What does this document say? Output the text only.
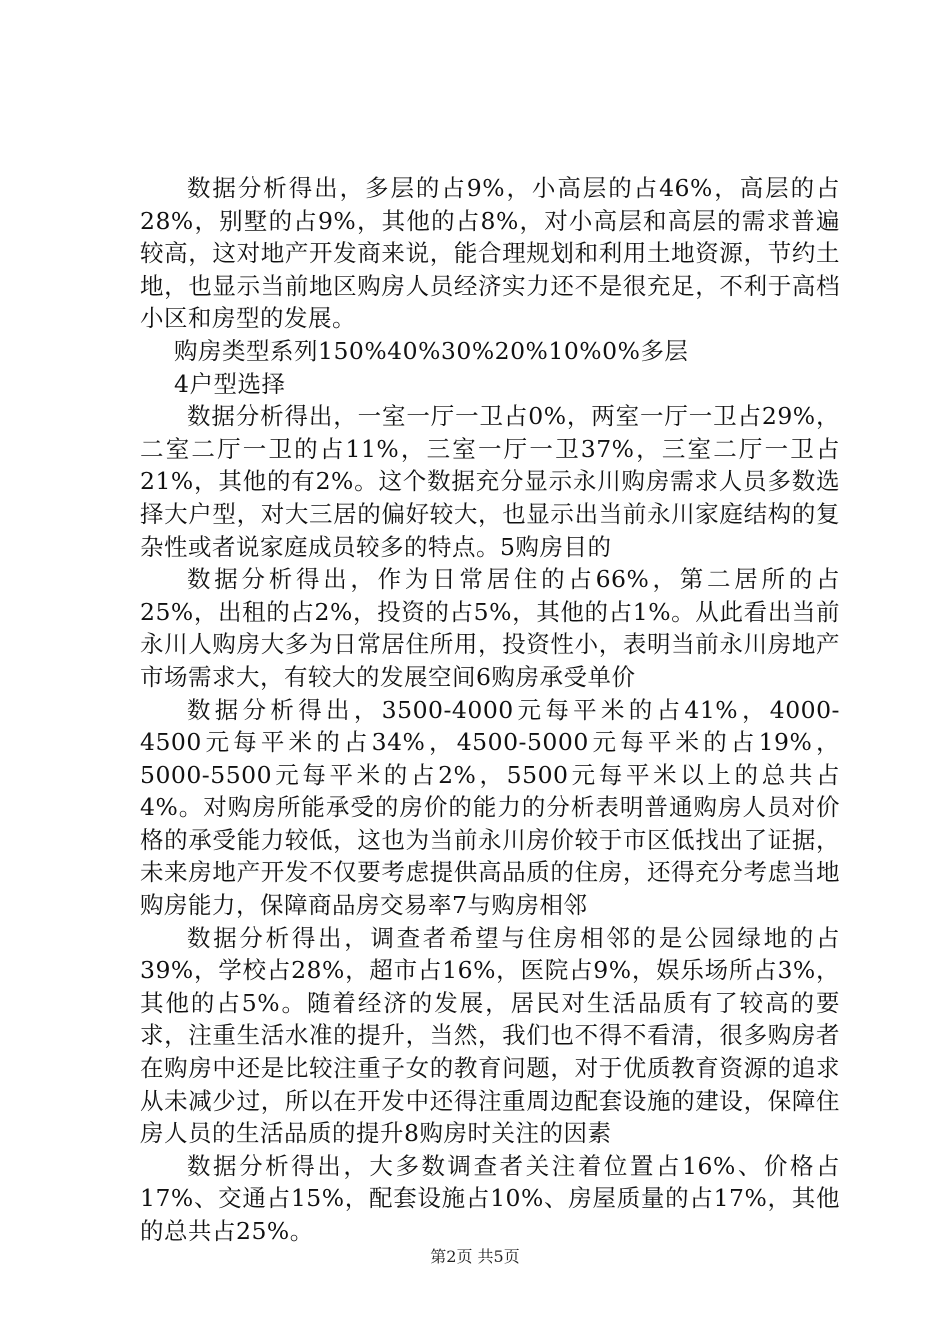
数据分析得出，多层的占9%，小高层的占46%，高层的占28%，别墅的占9%，其他的占8%，对小高层和高层的需求普遍较高，这对地产开发商来说，能合理规划和利用土地资源，节约土地，也显示当前地区购房人员经济实力还不是很充足，不利于高档小区和房型的发展。

购房类型系列150%40%30%20%10%0%多层

4户型选择

数据分析得出，一室一厅一卫占0%，两室一厅一卫占29%，二室二厅一卫的占11%，三室一厅一卫37%，三室二厅一卫占21%，其他的有2%。这个数据充分显示永川购房需求人员多数选择大户型，对大三居的偏好较大，也显示出当前永川家庭结构的复杂性或者说家庭成员较多的特点。5购房目的

数据分析得出，作为日常居住的占66%，第二居所的占25%，出租的占2%，投资的占5%，其他的占1%。从此看出当前永川人购房大多为日常居住所用，投资性小，表明当前永川房地产市场需求大，有较大的发展空间6购房承受单价

数据分析得出，3500-4000元每平米的占41%，4000-4500元每平米的占34%，4500-5000元每平米的占19%，5000-5500元每平米的占2%，5500元每平米以上的总共占4%。对购房所能承受的房价的能力的分析表明普通购房人员对价格的承受能力较低，这也为当前永川房价较于市区低找出了证据，未来房地产开发不仅要考虑提供高品质的住房，还得充分考虑当地购房能力，保障商品房交易率7与购房相邻

数据分析得出，调查者希望与住房相邻的是公园绿地的占39%，学校占28%，超市占16%，医院占9%，娱乐场所占3%，其他的占5%。随着经济的发展，居民对生活品质有了较高的要求，注重生活水准的提升，当然，我们也不得不看清，很多购房者在购房中还是比较注重子女的教育问题，对于优质教育资源的追求从未减少过，所以在开发中还得注重周边配套设施的建设，保障住房人员的生活品质的提升8购房时关注的因素

数据分析得出，大多数调查者关注着位置占16%、价格占17%、交通占15%，配套设施占10%、房屋质量的占17%，其他的总共占25%。

第2页 共5页
